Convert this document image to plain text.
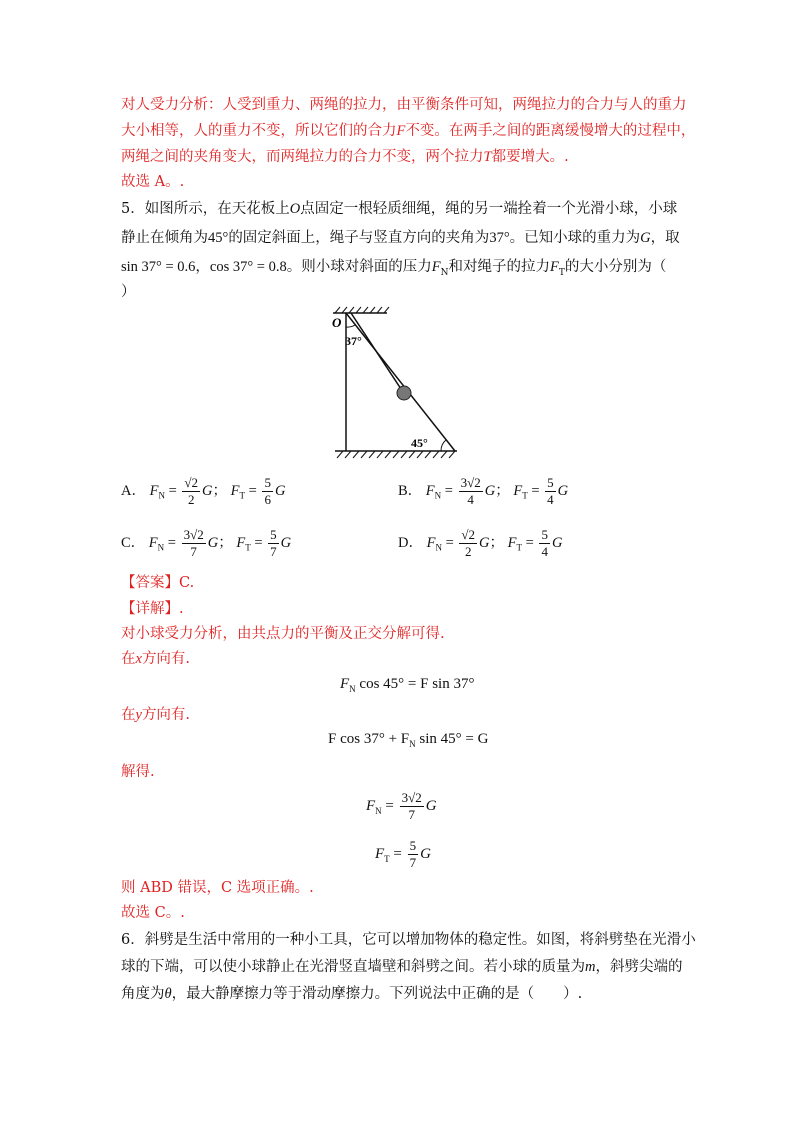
对人受力分析：人受到重力、两绳的拉力，由平衡条件可知，两绳拉力的合力与人的重力
大小相等，人的重力不变，所以它们的合力F不变。在两手之间的距离缓慢增大的过程中，
两绳之间的夹角变大，而两绳拉力的合力不变，两个拉力T都要增大。.
故选 A。.
5．如图所示，在天花板上O点固定一根轻质细绳，绳的另一端拴着一个光滑小球，小球
静止在倾角为45°的固定斜面上，绳子与竖直方向的夹角为37°。已知小球的重力为G，取
sin 37° = 0.6，cos 37° = 0.8。则小球对斜面的压力$F_N$和对绳子的拉力$F_T$的大小分别为（
）
O
37°
45°
A． $F_N = \frac{√2}{2}$ G； $F_T = \frac{5}{6}$ G	B． $F_N = \frac{3√2}{4}$ G； $F_T = \frac{5}{4}$ G
C． $F_N = \frac{3√2}{7}$ G； $F_T = \frac{5}{7}$ G	D． $F_N = \frac{√2}{2}$ G； $F_T = \frac{5}{4}$ G
【答案】C.
【详解】.
对小球受力分析，由共点力的平衡及正交分解可得.
在x方向有.
$F_N$ cos 45° = F sin 37°
在y方向有.
F $\cos 37^\circ + F_N$ sin 45° = G
解得.
$F_N = \frac{3√2}{7}$ G
$F_T = \frac{5}{7}$ G
则 ABD 错误，C 选项正确。.
故选 C。.
6．斜劈是生活中常用的一种小工具，它可以增加物体的稳定性。如图，将斜劈垫在光滑小
球的下端，可以使小球静止在光滑竖直墙壁和斜劈之间。若小球的质量为m，斜劈尖端的
角度为θ，最大静摩擦力等于滑动摩擦力。下列说法中正确的是（　　）.
